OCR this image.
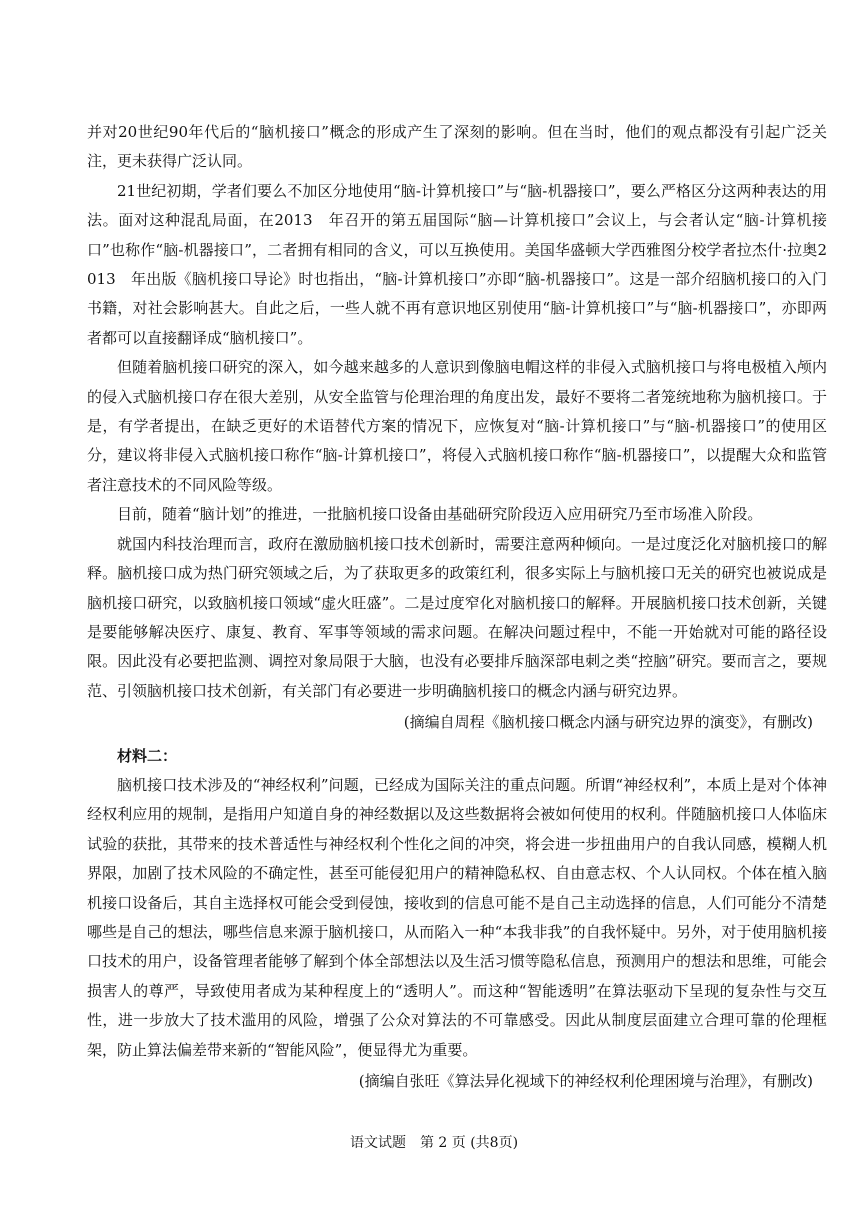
并对20世纪90年代后的“脑机接口”概念的形成产生了深刻的影响。但在当时，他们的观点都没有引起广泛关注，更未获得广泛认同。

21世纪初期，学者们要么不加区分地使用“脑-计算机接口”与“脑-机器接口”，要么严格区分这两种表达的用法。面对这种混乱局面，在2013　年召开的第五届国际“脑—计算机接口”会议上，与会者认定“脑-计算机接口”也称作“脑-机器接口”，二者拥有相同的含义，可以互换使用。美国华盛顿大学西雅图分校学者拉杰什·拉奥2013　年出版《脑机接口导论》时也指出，“脑-计算机接口”亦即“脑-机器接口”。这是一部介绍脑机接口的入门书籍，对社会影响甚大。自此之后，一些人就不再有意识地区别使用“脑-计算机接口”与“脑-机器接口”，亦即两者都可以直接翻译成“脑机接口”。

但随着脑机接口研究的深入，如今越来越多的人意识到像脑电帽这样的非侵入式脑机接口与将电极植入颅内的侵入式脑机接口存在很大差别，从安全监管与伦理治理的角度出发，最好不要将二者笼统地称为脑机接口。于是，有学者提出，在缺乏更好的术语替代方案的情况下，应恢复对“脑-计算机接口”与“脑-机器接口”的使用区分，建议将非侵入式脑机接口称作“脑-计算机接口”，将侵入式脑机接口称作“脑-机器接口”，以提醒大众和监管者注意技术的不同风险等级。

目前，随着“脑计划”的推进，一批脑机接口设备由基础研究阶段迈入应用研究乃至市场准入阶段。

就国内科技治理而言，政府在激励脑机接口技术创新时，需要注意两种倾向。一是过度泛化对脑机接口的解释。脑机接口成为热门研究领域之后，为了获取更多的政策红利，很多实际上与脑机接口无关的研究也被说成是脑机接口研究，以致脑机接口领域“虚火旺盛”。二是过度窄化对脑机接口的解释。开展脑机接口技术创新，关键是要能够解决医疗、康复、教育、军事等领域的需求问题。在解决问题过程中，不能一开始就对可能的路径设限。因此没有必要把监测、调控对象局限于大脑，也没有必要排斥脑深部电刺之类“控脑”研究。要而言之，要规范、引领脑机接口技术创新，有关部门有必要进一步明确脑机接口的概念内涵与研究边界。

(摘编自周程《脑机接口概念内涵与研究边界的演变》，有删改)

材料二：

脑机接口技术涉及的“神经权利”问题，已经成为国际关注的重点问题。所谓“神经权利”，本质上是对个体神经权利应用的规制，是指用户知道自身的神经数据以及这些数据将会被如何使用的权利。伴随脑机接口人体临床试验的获批，其带来的技术普适性与神经权利个性化之间的冲突，将会进一步扭曲用户的自我认同感，模糊人机界限，加剧了技术风险的不确定性，甚至可能侵犯用户的精神隐私权、自由意志权、个人认同权。个体在植入脑机接口设备后，其自主选择权可能会受到侵蚀，接收到的信息可能不是自己主动选择的信息，人们可能分不清楚哪些是自己的想法，哪些信息来源于脑机接口，从而陷入一种“本我非我”的自我怀疑中。另外，对于使用脑机接口技术的用户，设备管理者能够了解到个体全部想法以及生活习惯等隐私信息，预测用户的想法和思维，可能会损害人的尊严，导致使用者成为某种程度上的“透明人”。而这种“智能透明”在算法驱动下呈现的复杂性与交互性，进一步放大了技术滥用的风险，增强了公众对算法的不可靠感受。因此从制度层面建立合理可靠的伦理框架，防止算法偏差带来新的“智能风险”，便显得尤为重要。

(摘编自张旺《算法异化视域下的神经权利伦理困境与治理》，有删改)
语文试题　第 2 页 (共8页)
